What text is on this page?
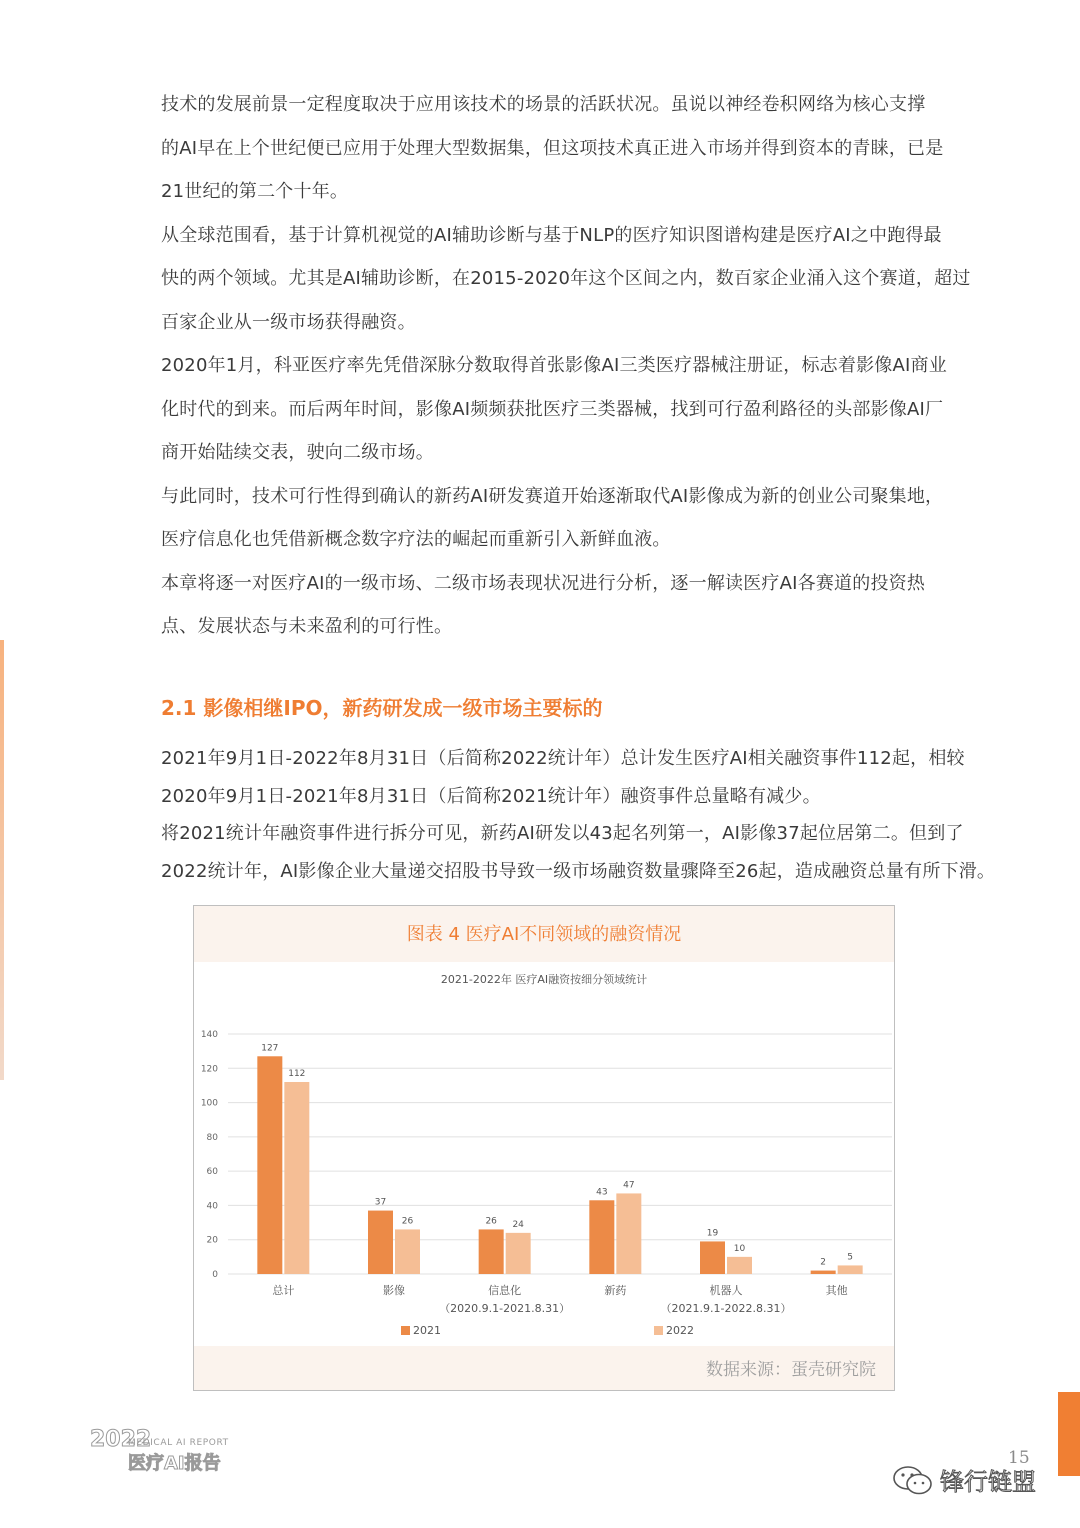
技术的发展前景一定程度取决于应用该技术的场景的活跃状况。虽说以神经卷积网络为核心支撑
的AI早在上个世纪便已应用于处理大型数据集，但这项技术真正进入市场并得到资本的青睐，已是
21世纪的第二个十年。
从全球范围看，基于计算机视觉的AI辅助诊断与基于NLP的医疗知识图谱构建是医疗AI之中跑得最
快的两个领域。尤其是AI辅助诊断，在2015-2020年这个区间之内，数百家企业涌入这个赛道，超过
百家企业从一级市场获得融资。
2020年1月，科亚医疗率先凭借深脉分数取得首张影像AI三类医疗器械注册证，标志着影像AI商业
化时代的到来。而后两年时间，影像AI频频获批医疗三类器械，找到可行盈利路径的头部影像AI厂
商开始陆续交表，驶向二级市场。
与此同时，技术可行性得到确认的新药AI研发赛道开始逐渐取代AI影像成为新的创业公司聚集地，
医疗信息化也凭借新概念数字疗法的崛起而重新引入新鲜血液。
本章将逐一对医疗AI的一级市场、二级市场表现状况进行分析，逐一解读医疗AI各赛道的投资热
点、发展状态与未来盈利的可行性。
2.1 影像相继IPO，新药研发成一级市场主要标的
2021年9月1日-2022年8月31日（后简称2022统计年）总计发生医疗AI相关融资事件112起，相较
2020年9月1日-2021年8月31日（后简称2021统计年）融资事件总量略有减少。
将2021统计年融资事件进行拆分可见，新药AI研发以43起名列第一，AI影像37起位居第二。但到了
2022统计年，AI影像企业大量递交招股书导致一级市场融资数量骤降至26起，造成融资总量有所下滑。
图表 4 医疗AI不同领域的融资情况
2021-2022年 医疗AI融资按细分领域统计
0
20
40
60
80
100
120
140
127
112
总计
37
26
影像
26 24
信息化
43
47
新药
19
10
机器人
2
5
其他
（2020.9.1-2021.8.31）	（2021.9.1-2022.8.31）
2021	2022
数据来源：蛋壳研究院
2022
MEDICAL AI REPORT
医疗AI报告	15
锋行链盟
